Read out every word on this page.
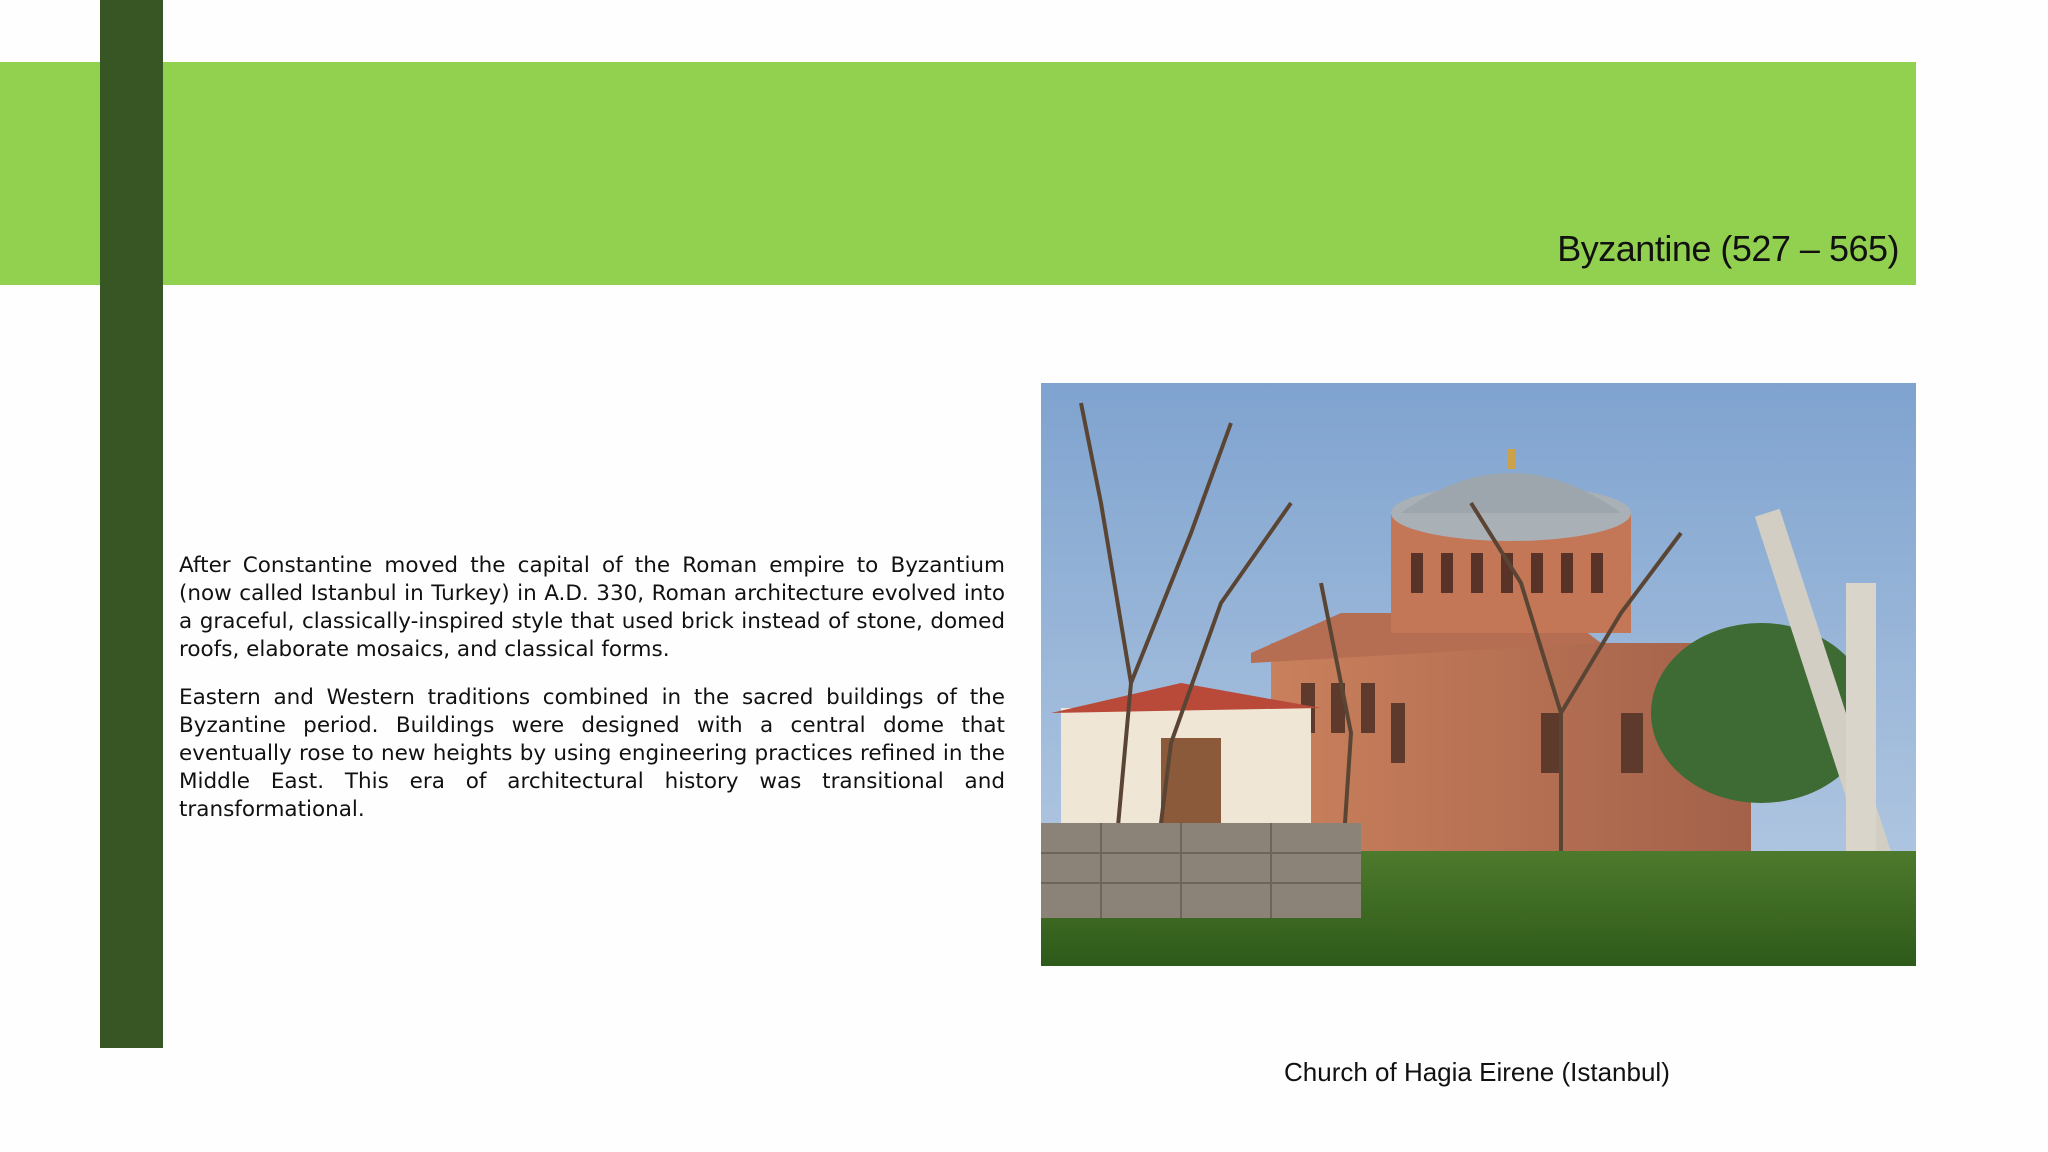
Byzantine (527 – 565)

After Constantine moved the capital of the Roman empire to Byzantium (now called Istanbul in Turkey) in A.D. 330, Roman architecture evolved into a graceful, classically-inspired style that used brick instead of stone, domed roofs, elaborate mosaics, and classical forms.

Eastern and Western traditions combined in the sacred buildings of the Byzantine period. Buildings were designed with a central dome that eventually rose to new heights by using engineering practices refined in the Middle East. This era of architectural history was transitional and transformational.

Church of Hagia Eirene (Istanbul)
